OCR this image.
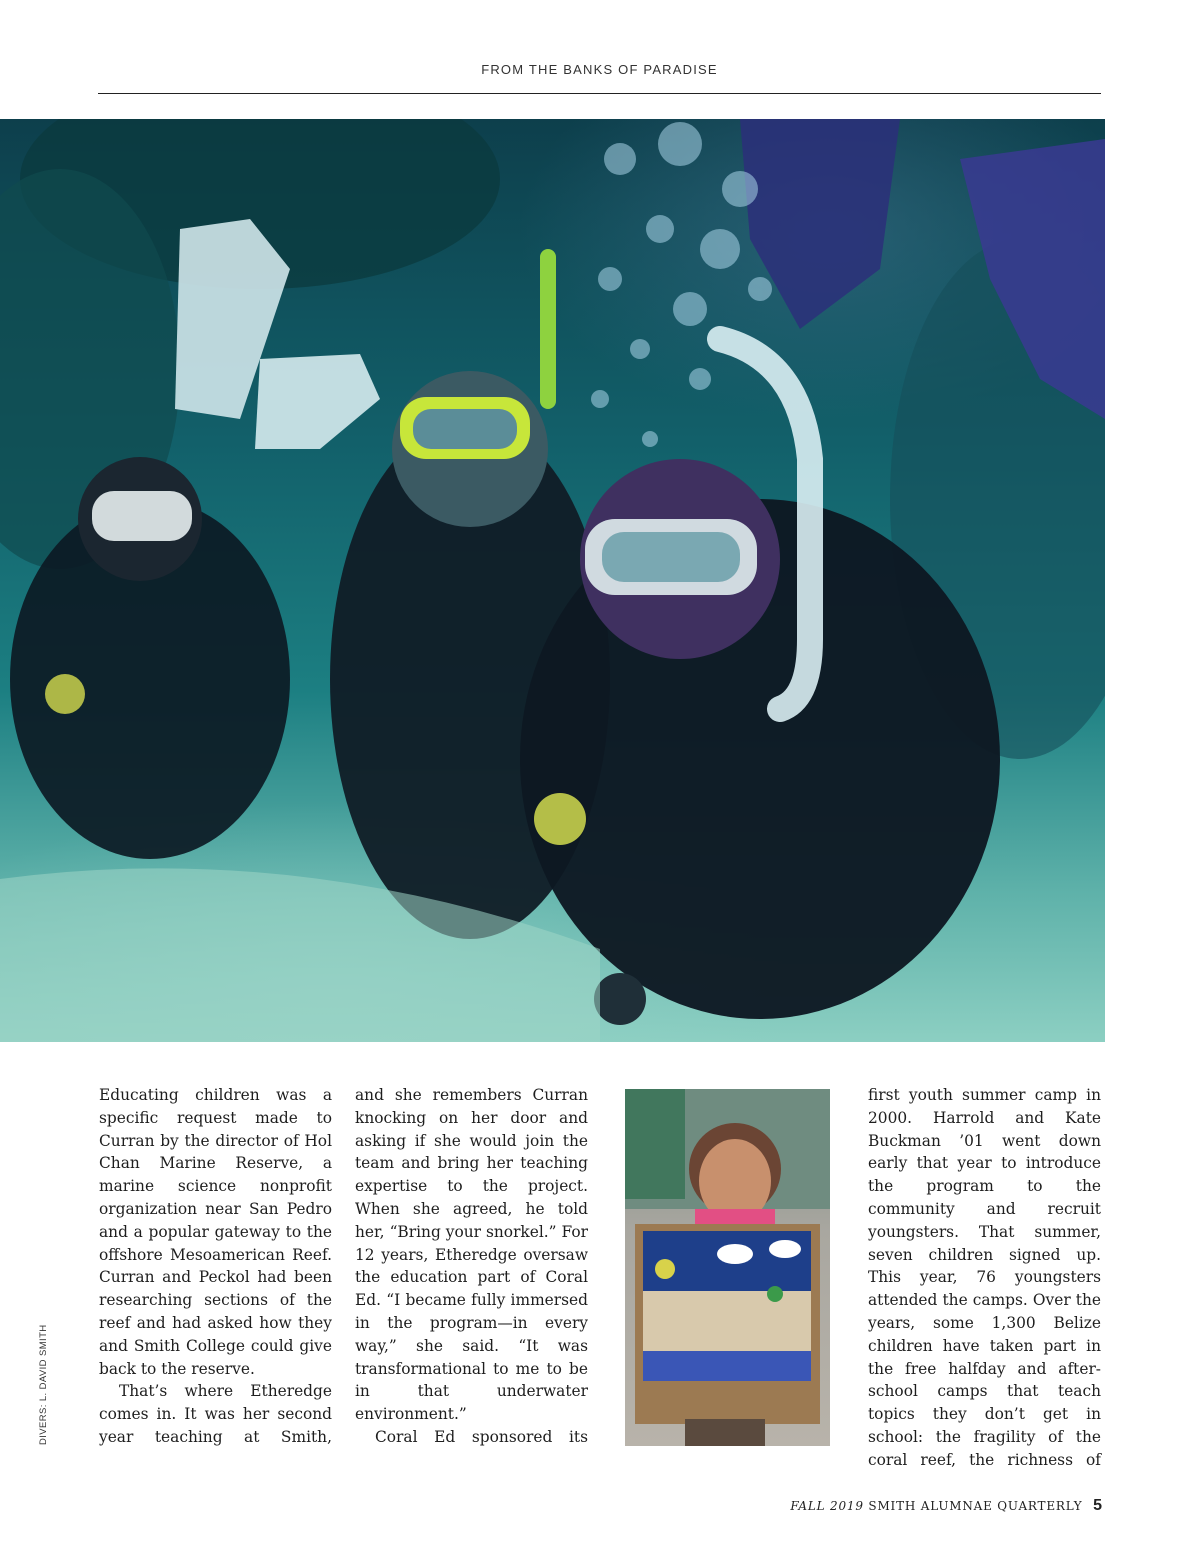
FROM THE BANKS OF PARADISE
DIVERS: L. DAVID SMITH

Educating children was a specific request made to Curran by the director of Hol Chan Marine Reserve, a marine science nonprofit organization near San Pedro and a popular gateway to the offshore Mesoamerican Reef. Curran and Peckol had been researching sections of the reef and had asked how they and Smith College could give back to the reserve.

That’s where Etheredge comes in. It was her second year teaching at Smith,

and she remembers Curran knocking on her door and asking if she would join the team and bring her teaching expertise to the project. When she agreed, he told her, “Bring your snorkel.” For 12 years, Etheredge oversaw the education part of Coral Ed. “I became fully immersed in the program—in every way,” she said. “It was transformational to me to be in that underwater environment.”

Coral Ed sponsored its

first youth summer camp in 2000. Harrold and Kate Buckman ’01 went down early that year to introduce the program to the community and recruit youngsters. That summer, seven children signed up. This year, 76 youngsters attended the camps. Over the years, some 1,300 Belize children have taken part in the free halfday and after-school camps that teach topics they don’t get in school: the fragility of the coral reef, the richness of

FALL 2019 SMITH ALUMNAE QUARTERLY 5
